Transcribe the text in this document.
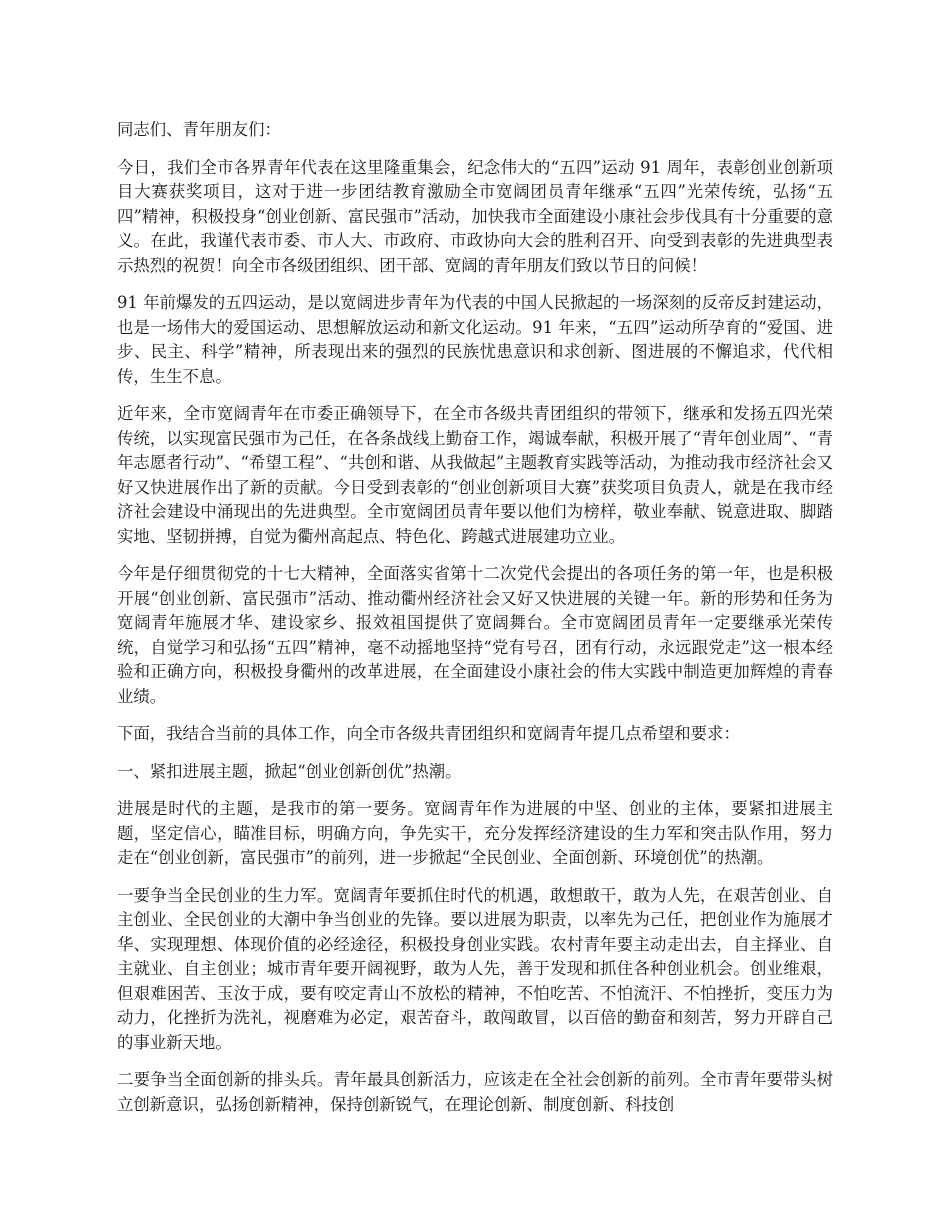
同志们、青年朋友们：

今日，我们全市各界青年代表在这里隆重集会，纪念伟大的“五四”运动 91 周年，表彰创业创新项目大赛获奖项目，这对于进一步团结教育激励全市宽阔团员青年继承“五四”光荣传统，弘扬“五四”精神，积极投身“创业创新、富民强市”活动，加快我市全面建设小康社会步伐具有十分重要的意义。在此，我谨代表市委、市人大、市政府、市政协向大会的胜利召开、向受到表彰的先进典型表示热烈的祝贺！向全市各级团组织、团干部、宽阔的青年朋友们致以节日的问候！

91 年前爆发的五四运动，是以宽阔进步青年为代表的中国人民掀起的一场深刻的反帝反封建运动，也是一场伟大的爱国运动、思想解放运动和新文化运动。91 年来，“五四”运动所孕育的“爱国、进步、民主、科学”精神，所表现出来的强烈的民族忧患意识和求创新、图进展的不懈追求，代代相传，生生不息。

近年来，全市宽阔青年在市委正确领导下，在全市各级共青团组织的带领下，继承和发扬五四光荣传统，以实现富民强市为己任，在各条战线上勤奋工作，竭诚奉献，积极开展了“青年创业周”、“青年志愿者行动”、“希望工程”、“共创和谐、从我做起”主题教育实践等活动，为推动我市经济社会又好又快进展作出了新的贡献。今日受到表彰的“创业创新项目大赛”获奖项目负责人，就是在我市经济社会建设中涌现出的先进典型。全市宽阔团员青年要以他们为榜样，敬业奉献、锐意进取、脚踏实地、坚韧拼搏，自觉为衢州高起点、特色化、跨越式进展建功立业。

今年是仔细贯彻党的十七大精神，全面落实省第十二次党代会提出的各项任务的第一年，也是积极开展“创业创新、富民强市”活动、推动衢州经济社会又好又快进展的关键一年。新的形势和任务为宽阔青年施展才华、建设家乡、报效祖国提供了宽阔舞台。全市宽阔团员青年一定要继承光荣传统，自觉学习和弘扬“五四”精神，毫不动摇地坚持“党有号召，团有行动，永远跟党走”这一根本经验和正确方向，积极投身衢州的改革进展，在全面建设小康社会的伟大实践中制造更加辉煌的青春业绩。

下面，我结合当前的具体工作，向全市各级共青团组织和宽阔青年提几点希望和要求：

一、紧扣进展主题，掀起“创业创新创优”热潮。

进展是时代的主题，是我市的第一要务。宽阔青年作为进展的中坚、创业的主体，要紧扣进展主题，坚定信心，瞄准目标，明确方向，争先实干，充分发挥经济建设的生力军和突击队作用，努力走在“创业创新，富民强市”的前列，进一步掀起“全民创业、全面创新、环境创优”的热潮。

一要争当全民创业的生力军。宽阔青年要抓住时代的机遇，敢想敢干，敢为人先，在艰苦创业、自主创业、全民创业的大潮中争当创业的先锋。要以进展为职责，以率先为己任，把创业作为施展才华、实现理想、体现价值的必经途径，积极投身创业实践。农村青年要主动走出去，自主择业、自主就业、自主创业；城市青年要开阔视野，敢为人先，善于发现和抓住各种创业机会。创业维艰，但艰难困苦、玉汝于成，要有咬定青山不放松的精神，不怕吃苦、不怕流汗、不怕挫折，变压力为动力，化挫折为洗礼，视磨难为必定，艰苦奋斗，敢闯敢冒，以百倍的勤奋和刻苦，努力开辟自己的事业新天地。

二要争当全面创新的排头兵。青年最具创新活力，应该走在全社会创新的前列。全市青年要带头树立创新意识，弘扬创新精神，保持创新锐气，在理论创新、制度创新、科技创
